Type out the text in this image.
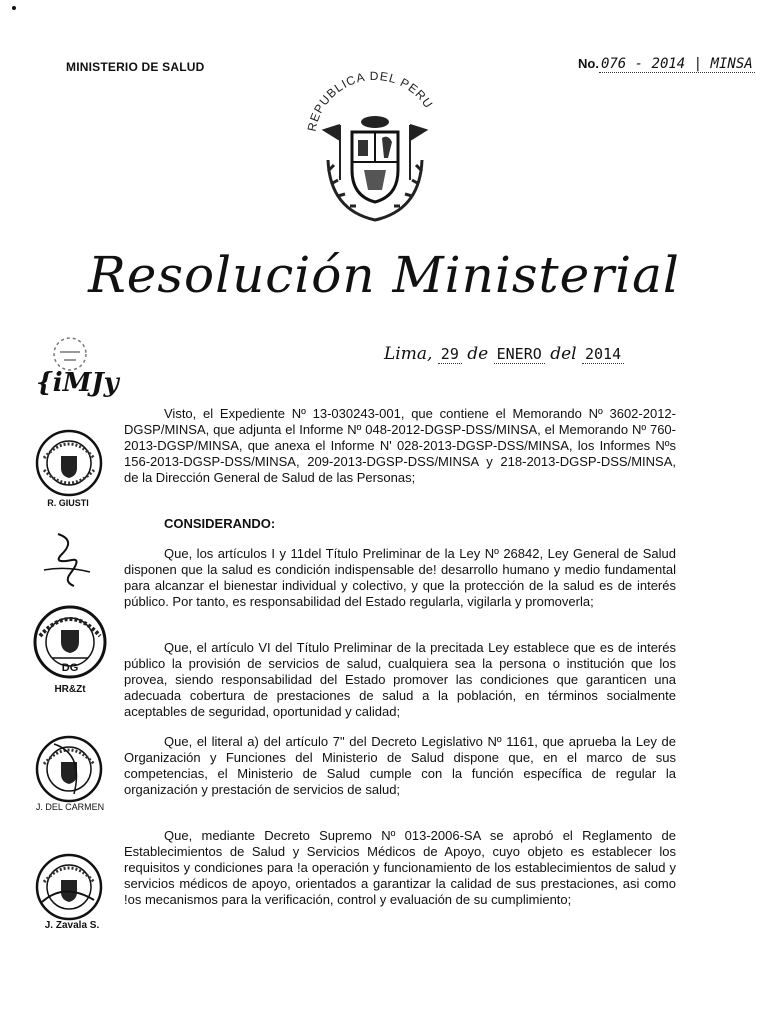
MINISTERIO DE SALUD	No. 076 - 2014 | MINSA
REPUBLICA DEL PERU
Resolución Ministerial
Lima, 29 de ENERO del 2014
{iMJy
R. GIUSTI
DG
HR&Zt
J. DEL CARMEN
J. Zavala S.

Visto, el Expediente Nº 13-030243-001, que contiene el Memorando Nº 3602-2012-DGSP/MINSA, que adjunta el Informe Nº 048-2012-DGSP-DSS/MINSA, el Memorando Nº 760-2013-DGSP/MINSA, que anexa el Informe N' 028-2013-DGSP-DSS/MINSA, los Informes Nºs 156-2013-DGSP-DSS/MINSA, 209-2013-DGSP-DSS/MINSA y 218-2013-DGSP-DSS/MINSA, de la Dirección General de Salud de las Personas;

CONSIDERANDO:

Que, los artículos I y 11del Título Preliminar de la Ley Nº 26842, Ley General de Salud disponen que la salud es condición indispensable de! desarrollo humano y medio fundamental para alcanzar el bienestar individual y colectivo, y que la protección de la salud es de interés público. Por tanto, es responsabilidad del Estado regularla, vigilarla y promoverla;

Que, el artículo VI del Título Preliminar de la precitada Ley establece que es de interés público la provisión de servicios de salud, cualquiera sea la persona o institución que los provea, siendo responsabilidad del Estado promover las condiciones que garanticen una adecuada cobertura de prestaciones de salud a la población, en términos socialmente aceptables de seguridad, oportunidad y calidad;

Que, el literal a) del artículo 7" del Decreto Legislativo Nº 1161, que aprueba la Ley de Organización y Funciones del Ministerio de Salud dispone que, en el marco de sus competencias, el Ministerio de Salud cumple con la función específica de regular la organización y prestación de servicios de salud;

Que, mediante Decreto Supremo Nº 013-2006-SA se aprobó el Reglamento de Establecimientos de Salud y Servicios Médicos de Apoyo, cuyo objeto es establecer los requisitos y condiciones para !a operación y funcionamiento de los establecimientos de salud y servicios médicos de apoyo, orientados a garantizar la calidad de sus prestaciones, asi como !os mecanismos para la verificación, control y evaluación de su cumplimiento;
